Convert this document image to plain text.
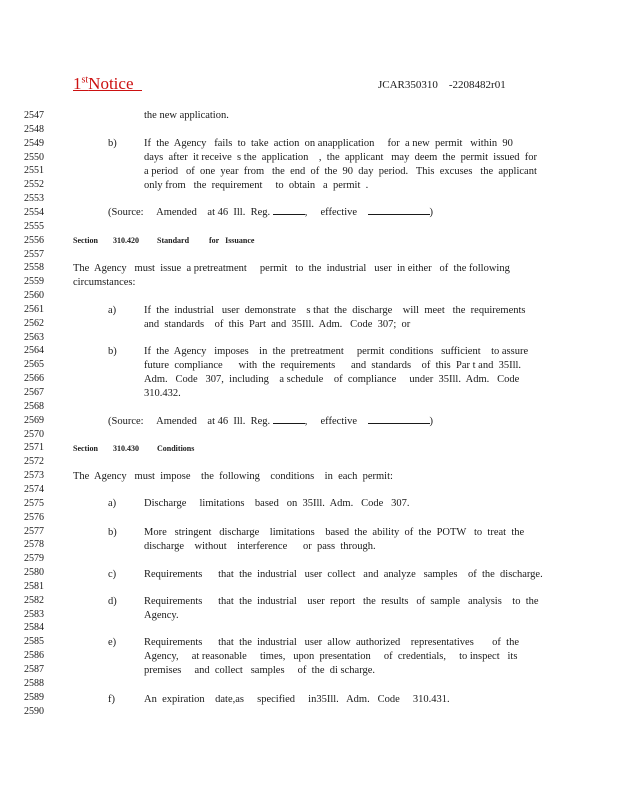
1stNotice	JCAR350310    -2208482r01
2547
2548
2549
2550
2551
2552
2553
2554
2555
2556
2557
2558
2559
2560
2561
2562
2563
2564
2565
2566
2567
2568
2569
2570
2571
2572
2573
2574
2575
2576
2577
2578
2579
2580
2581
2582
2583
2584
2585
2586
2587
2588
2589
2590
the new application.
b)	If  the  Agency   fails  to  take  action  on anapplication     for  a new  permit   within  90
days  after  it receive  s the  application    ,  the  applicant   may  deem  the  permit  issued  for
a period   of  one  year  from   the  end  of  the  90  day  period.   This  excuses   the  applicant
only from   the  requirement     to  obtain   a  permit  .
(Source:     Amended    at 46  Ill.  Reg.	,     effective	)
Section 310.420 Standard          for   Issuance
The  Agency   must  issue  a pretreatment     permit   to  the  industrial   user  in either   of  the following
circumstances:
a)	If  the  industrial   user  demonstrate    s that  the  discharge    will  meet   the  requirements
and  standards    of  this  Part  and  35Ill.  Adm.   Code  307;  or
b)	If  the  Agency   imposes    in  the  pretreatment     permit  conditions   sufficient    to assure
future  compliance      with  the  requirements      and  standards    of  this  Par t and  35Ill.
Adm.   Code   307,  including    a schedule    of  compliance     under  35Ill.  Adm.   Code
310.432.
(Source:     Amended    at 46  Ill.  Reg.	,     effective	)
Section 310.430 Conditions
The  Agency   must  impose    the  following    conditions    in  each  permit:
a)	Discharge     limitations    based   on  35Ill.  Adm.   Code   307.
b)	More   stringent   discharge    limitations    based  the  ability  of  the  POTW   to  treat  the
discharge    without    interference      or  pass  through.
c)	Requirements      that  the  industrial   user  collect   and  analyze   samples    of  the  discharge.
d)	Requirements      that  the  industrial    user  report   the  results   of  sample   analysis    to  the
Agency.
e)	Requirements      that  the  industrial   user  allow  authorized    representatives       of  the
Agency,     at reasonable     times,   upon  presentation     of  credentials,     to inspect   its
premises     and  collect   samples     of  the  di scharge.
f)	An  expiration    date,as     specified     in35Ill.   Adm.   Code     310.431.
